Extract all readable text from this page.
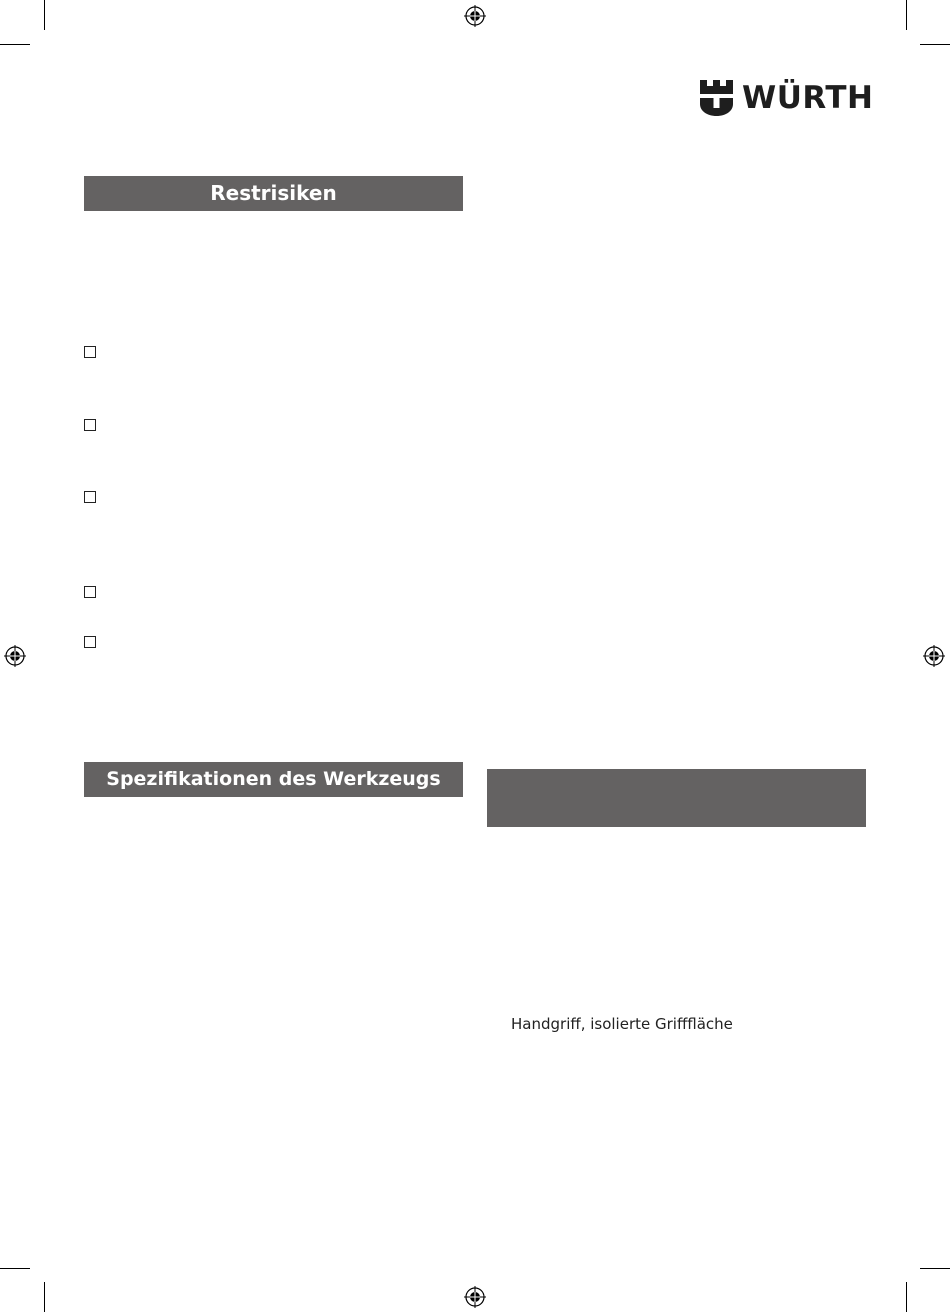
WÜRTH
Restrisiken
Spezifikationen des Werkzeugs
Handgriff, isolierte Grifffläche
